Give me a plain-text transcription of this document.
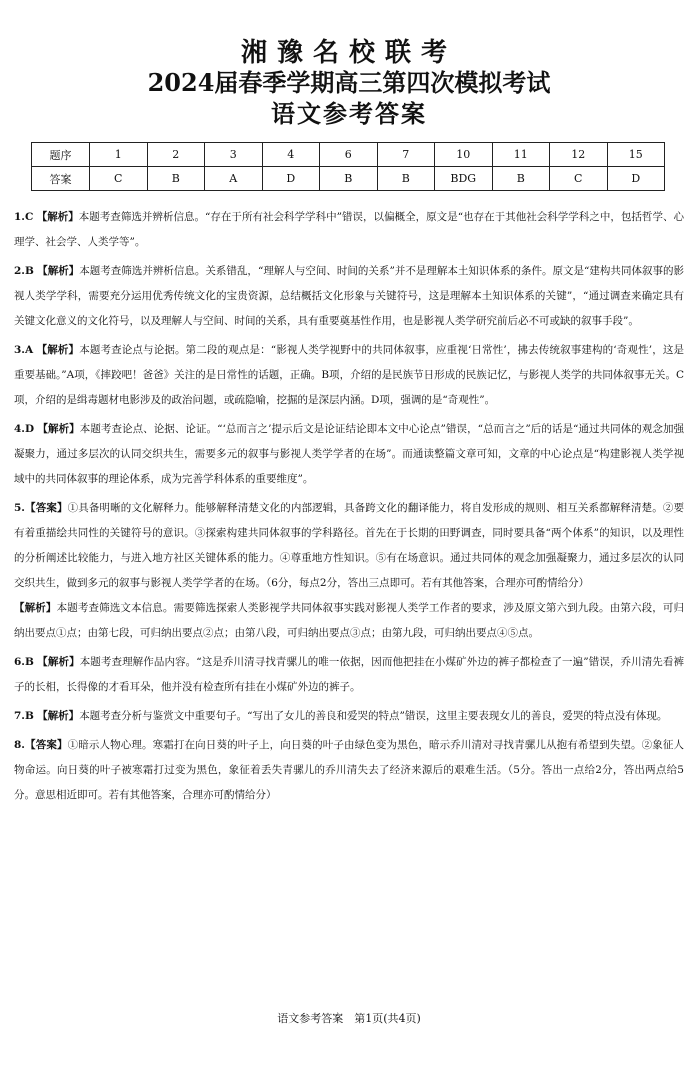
湘豫名校联考
2024届春季学期高三第四次模拟考试
语文参考答案
题序	1	2	3	4	6	7	10	11	12	15
答案	C	B	A	D	B	B	BDG	B	C	D

1.C 【解析】本题考查筛选并辨析信息。“存在于所有社会科学学科中”错误，以偏概全，原文是“也存在于其他社会科学学科之中，包括哲学、心理学、社会学、人类学等”。

2.B 【解析】本题考查筛选并辨析信息。关系错乱，“理解人与空间、时间的关系”并不是理解本土知识体系的条件。原文是“建构共同体叙事的影视人类学学科，需要充分运用优秀传统文化的宝贵资源，总结概括文化形象与关键符号，这是理解本土知识体系的关键”，“通过调查来确定具有关键文化意义的文化符号，以及理解人与空间、时间的关系，具有重要奠基性作用，也是影视人类学研究前后必不可或缺的叙事手段”。

3.A 【解析】本题考查论点与论据。第二段的观点是：“影视人类学视野中的共同体叙事，应重视‘日常性’，拂去传统叙事建构的‘奇观性’，这是重要基础。”A项，《摔跤吧！爸爸》关注的是日常性的话题，正确。B项，介绍的是民族节日形成的民族记忆，与影视人类学的共同体叙事无关。C项，介绍的是缉毒题材电影涉及的政治问题，或疏隐喻，挖掘的是深层内涵。D项，强调的是“奇观性”。

4.D 【解析】本题考查论点、论据、论证。“‘总而言之’提示后文是论证结论即本文中心论点”错误，“总而言之”后的话是“通过共同体的观念加强凝聚力，通过多层次的认同交织共生，需要多元的叙事与影视人类学学者的在场”。而通读整篇文章可知，文章的中心论点是“构建影视人类学视域中的共同体叙事的理论体系，成为完善学科体系的重要维度”。

5.【答案】①具备明晰的文化解释力。能够解释清楚文化的内部逻辑，具备跨文化的翻译能力，将自发形成的规则、相互关系都解释清楚。②要有着重描绘共同性的关键符号的意识。③探索构建共同体叙事的学科路径。首先在于长期的田野调查，同时要具备“两个体系”的知识，以及理性的分析阐述比较能力，与进入地方社区关键体系的能力。④尊重地方性知识。⑤有在场意识。通过共同体的观念加强凝聚力，通过多层次的认同交织共生，做到多元的叙事与影视人类学学者的在场。（6分，每点2分，答出三点即可。若有其他答案，合理亦可酌情给分）

【解析】本题考查筛选文本信息。需要筛选探索人类影视学共同体叙事实践对影视人类学工作者的要求，涉及原文第六到九段。由第六段，可归纳出要点①点；由第七段，可归纳出要点②点；由第八段，可归纳出要点③点；由第九段，可归纳出要点④⑤点。

6.B 【解析】本题考查理解作品内容。“这是乔川清寻找青骡儿的唯一依据，因而他把挂在小煤矿外边的裤子都检查了一遍”错误，乔川清先看裤子的长相，长得像的才看耳朵，他并没有检查所有挂在小煤矿外边的裤子。

7.B 【解析】本题考查分析与鉴赏文中重要句子。“写出了女儿的善良和爱哭的特点”错误，这里主要表现女儿的善良，爱哭的特点没有体现。

8.【答案】①暗示人物心理。寒霜打在向日葵的叶子上，向日葵的叶子由绿色变为黑色，暗示乔川清对寻找青骡儿从抱有希望到失望。②象征人物命运。向日葵的叶子被寒霜打过变为黑色，象征着丢失青骡儿的乔川清失去了经济来源后的艰难生活。（5分。答出一点给2分，答出两点给5分。意思相近即可。若有其他答案，合理亦可酌情给分）

语文参考答案　第1页(共4页)
